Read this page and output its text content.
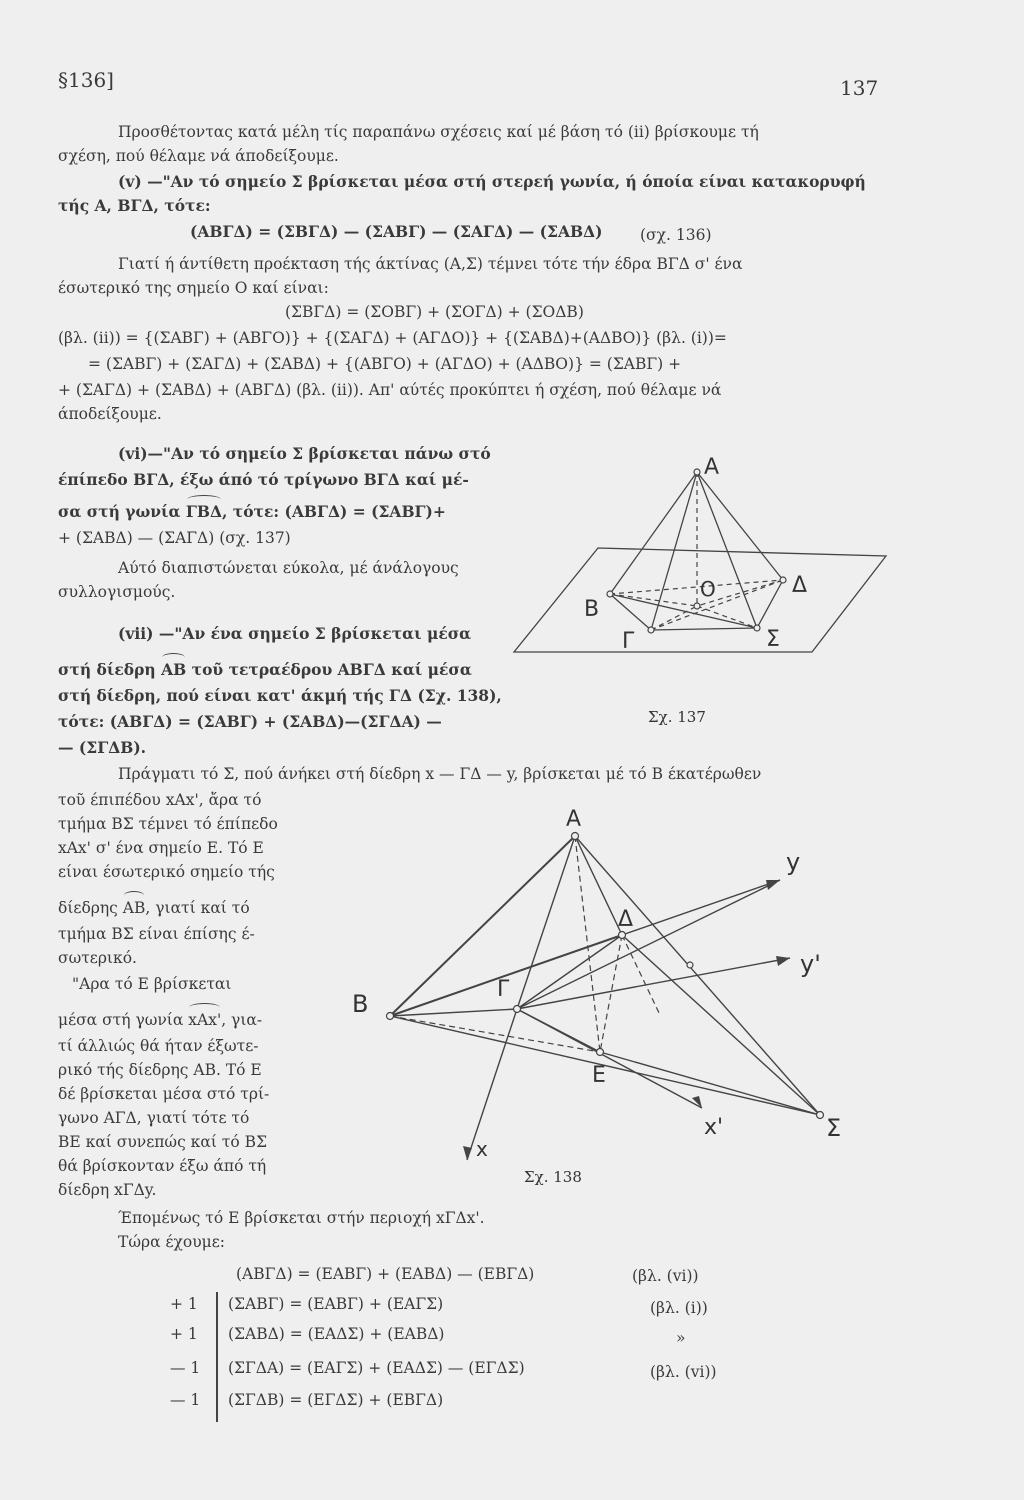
§136]	137
Προσθέτοντας κατά μέλη τίς παραπάνω σχέσεις καί μέ βάση τό (ii) βρίσκουμε τή
σχέση, πού θέλαμε νά άποδείξουμε.
(v) —"Αν τό σημείο Σ βρίσκεται μέσα στή στερεή γωνία, ή όποία είναι κατακορυφή
τής Α, ΒΓΔ, τότε:
(ΑΒΓΔ) = (ΣΒΓΔ) — (ΣΑΒΓ) — (ΣΑΓΔ) — (ΣΑΒΔ) (σχ. 136)
Γιατί ή άντίθετη προέκταση τής άκτίνας (Α,Σ) τέμνει τότε τήν έδρα ΒΓΔ σ' ένα
έσωτερικό της σημείο Ο καί είναι:
(ΣΒΓΔ) = (ΣΟΒΓ) + (ΣΟΓΔ) + (ΣΟΔΒ)
(βλ. (ii)) = {(ΣΑΒΓ) + (ΑΒΓΟ)} + {(ΣΑΓΔ) + (ΑΓΔΟ)} + {(ΣΑΒΔ)+(ΑΔΒΟ)} (βλ. (i))=
= (ΣΑΒΓ) + (ΣΑΓΔ) + (ΣΑΒΔ) + {(ΑΒΓΟ) + (ΑΓΔΟ) + (ΑΔΒΟ)} = (ΣΑΒΓ) +
+ (ΣΑΓΔ) + (ΣΑΒΔ) + (ΑΒΓΔ) (βλ. (ii)). Απ' αύτές προκύπτει ή σχέση, πού θέλαμε νά
άποδείξουμε.
(vi)—"Αν τό σημείο Σ βρίσκεται πάνω στό
έπίπεδο ΒΓΔ, έξω άπό τό τρίγωνο ΒΓΔ καί μέ-
σα στή γωνία ΓΒΔ, τότε: (ΑΒΓΔ) = (ΣΑΒΓ)+
+ (ΣΑΒΔ) — (ΣΑΓΔ) (σχ. 137)
Αύτό διαπιστώνεται εύκολα, μέ άνάλογους
συλλογισμούς.
(vii) —"Αν ένα σημείο Σ βρίσκεται μέσα
στή δίεδρη ΑΒ τοῦ τετραέδρου ΑΒΓΔ καί μέσα
στή δίεδρη, πού είναι κατ' άκμή τής ΓΔ (Σχ. 138),
τότε: (ΑΒΓΔ) = (ΣΑΒΓ) + (ΣΑΒΔ)—(ΣΓΔΑ) —
— (ΣΓΔΒ).
Πράγματι τό Σ, πού άνήκει στή δίεδρη x — ΓΔ — y, βρίσκεται μέ τό Β έκατέρωθεν
τοῦ έπιπέδου xAx', ἄρα τό
τμήμα ΒΣ τέμνει τό έπίπεδο
xAx' σ' ένα σημείο Ε. Τό Ε
είναι έσωτερικό σημείο τής
δίεδρης ΑΒ, γιατί καί τό
τμήμα ΒΣ είναι έπίσης έ-
σωτερικό.
"Αρα τό Ε βρίσκεται
μέσα στή γωνία xAx', για-
τί άλλιώς θά ήταν έξωτε-
ρικό τής δίεδρης ΑΒ. Τό Ε
δέ βρίσκεται μέσα στό τρί-
γωνο ΑΓΔ, γιατί τότε τό
ΒΕ καί συνεπώς καί τό ΒΣ
θά βρίσκονταν έξω άπό τή
δίεδρη xΓΔy.
Έπομένως τό Ε βρίσκεται στήν περιοχή xΓΔx'.
Τώρα έχουμε:
(ΑΒΓΔ) = (ΕΑΒΓ) + (ΕΑΒΔ) — (ΕΒΓΔ)	(βλ. (vi))
+ 1 (ΣΑΒΓ) = (ΕΑΒΓ) + (ΕΑΓΣ)	(βλ. (i))
+ 1 (ΣΑΒΔ) = (ΕΑΔΣ) + (ΕΑΒΔ)	»
— 1 (ΣΓΔΑ) = (ΕΑΓΣ) + (ΕΑΔΣ) — (ΕΓΔΣ)	(βλ. (vi))
— 1 (ΣΓΔΒ) = (ΕΓΔΣ) + (ΕΒΓΔ)
Α
Β
Γ
Δ
Ο
Σ
Σχ. 137
Α
Β
Γ
Δ
Ε
Σ
x
x'
y
y'
Σχ. 138
